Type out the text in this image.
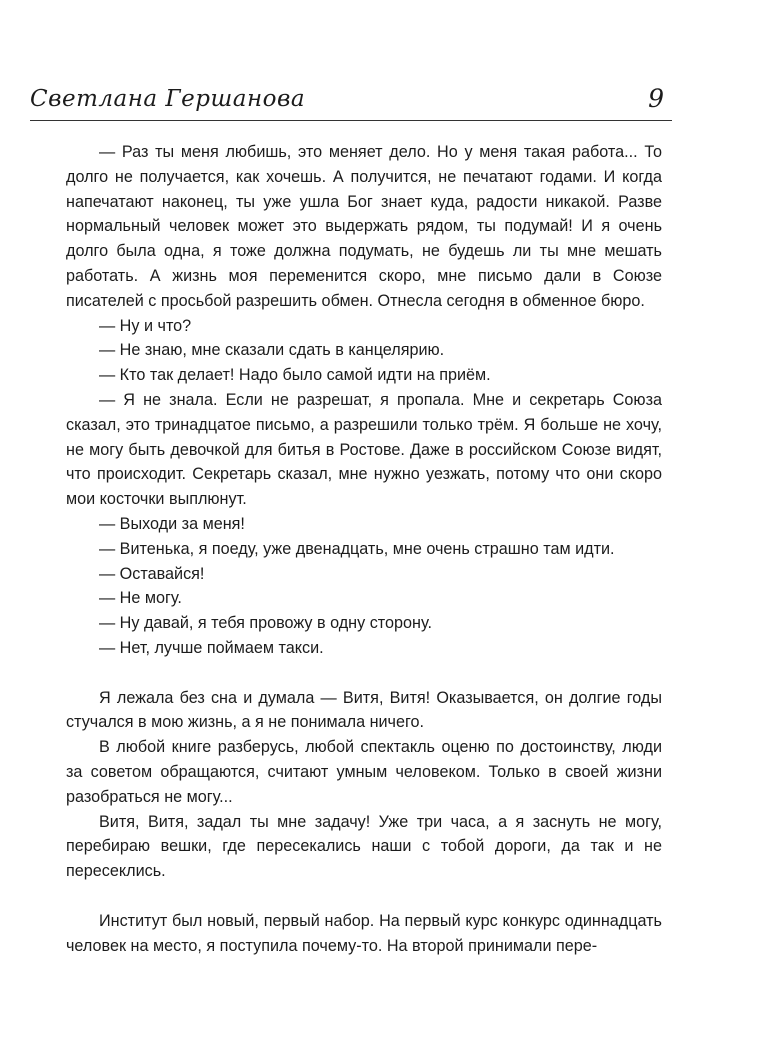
Светлана Гершанова	9

— Раз ты меня любишь, это меняет дело. Но у меня такая работа... То долго не получается, как хочешь. А получится, не печатают годами. И когда напечатают наконец, ты уже ушла Бог знает куда, радости никакой. Разве нормальный человек может это выдержать рядом, ты подумай! И я очень долго была одна, я тоже должна подумать, не будешь ли ты мне мешать работать. А жизнь моя переменится скоро, мне письмо дали в Союзе писателей с просьбой разрешить обмен. Отнесла сегодня в обменное бюро.

— Ну и что?

— Не знаю, мне сказали сдать в канцелярию.

— Кто так делает! Надо было самой идти на приём.

— Я не знала. Если не разрешат, я пропала. Мне и секретарь Союза сказал, это тринадцатое письмо, а разрешили только трём. Я больше не хочу, не могу быть девочкой для битья в Ростове. Даже в российском Союзе видят, что происходит. Секретарь сказал, мне нужно уезжать, потому что они скоро мои косточки выплюнут.

— Выходи за меня!

— Витенька, я поеду, уже двенадцать, мне очень страшно там идти.

— Оставайся!

— Не могу.

— Ну давай, я тебя провожу в одну сторону.

— Нет, лучше поймаем такси.

Я лежала без сна и думала — Витя, Витя! Оказывается, он долгие годы стучался в мою жизнь, а я не понимала ничего.

В любой книге разберусь, любой спектакль оценю по достоинству, люди за советом обращаются, считают умным человеком. Только в своей жизни разобраться не могу...

Витя, Витя, задал ты мне задачу! Уже три часа, а я заснуть не могу, перебираю вешки, где пересекались наши с тобой дороги, да так и не пересеклись.

Институт был новый, первый набор. На первый курс конкурс одиннадцать человек на место, я поступила почему-то. На второй принимали пере-
